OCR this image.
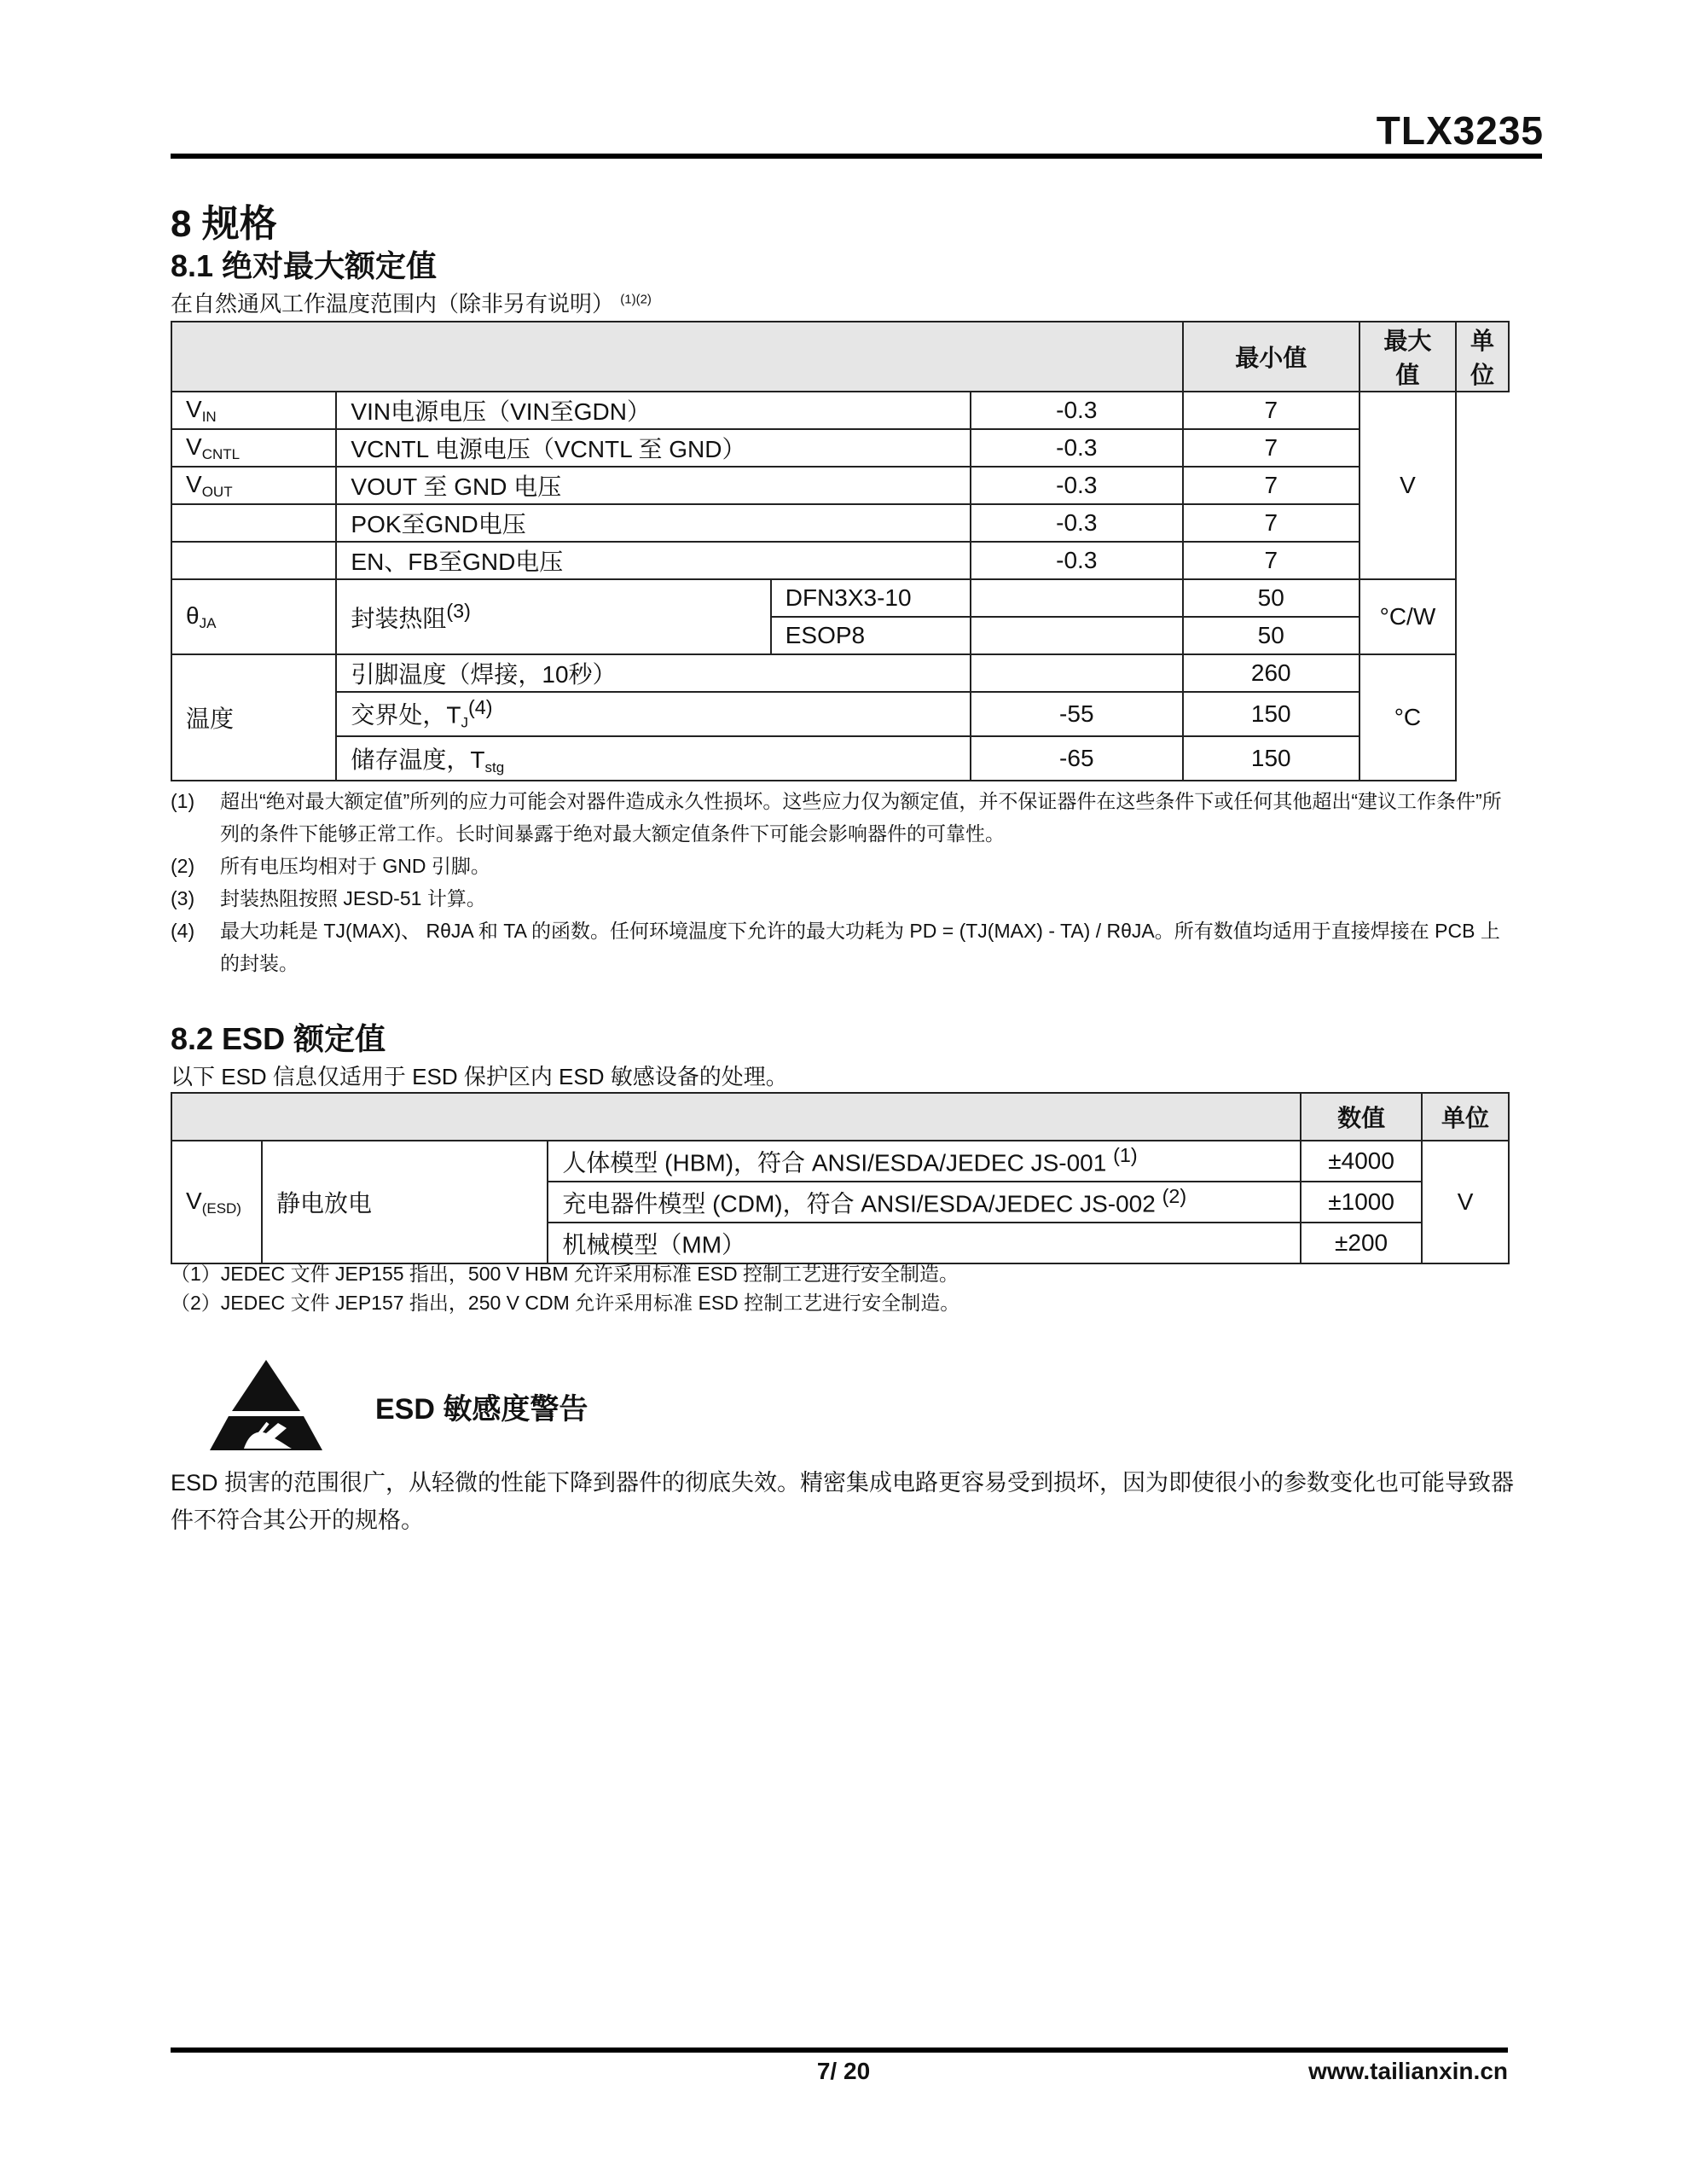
TLX3235
8 规格
8.1 绝对最大额定值
在自然通风工作温度范围内（除非另有说明） $^{(1)(2)}$
				最小值	最大值	单位
$V_{IN}$	VIN电源电压（VIN至GDN）		-0.3	7	V	
$V_{CNTL}$	VCNTL 电源电压（VCNTL 至 GND）		-0.3	7		
$V_{OUT}$	VOUT 至 GND 电压		-0.3	7		
	POK至GND电压		-0.3	7		
	EN、FB至GND电压		-0.3	7		
$\theta_{JA}$	封装热阻$^{(3)}$	DFN3X3-10		50	°C/W	
		ESOP8		50		
温度	引脚温度（焊接，10秒）			260	°C	
	交界处，$T_J^{(4)}$		-55	150		
	储存温度，$T_{stg}$		-65	150		
(1)	超出“绝对最大额定值”所列的应力可能会对器件造成永久性损坏。这些应力仅为额定值，并不保证器件在这些条件下或任何其他超出“建议工作条件”所列的条件下能够正常工作。长时间暴露于绝对最大额定值条件下可能会影响器件的可靠性。
(2)	所有电压均相对于 GND 引脚。
(3)	封装热阻按照 JESD-51 计算。
(4)	最大功耗是 TJ(MAX)、 RθJA 和 TA 的函数。任何环境温度下允许的最大功耗为 PD = (TJ(MAX) - TA) / RθJA。所有数值均适用于直接焊接在 PCB 上的封装。
8.2 ESD 额定值
以下 ESD 信息仅适用于 ESD 保护区内 ESD 敏感设备的处理。
			数值	单位
$V_{(ESD)}$	静电放电	人体模型 (HBM)，符合 ANSI/ESDA/JEDEC JS-001 $^{(1)}$	±4000	V
		充电器件模型 (CDM)，符合 ANSI/ESDA/JEDEC JS-002 $^{(2)}$	±1000	
		机械模型（MM）	±200	
（1）JEDEC 文件 JEP155 指出，500 V HBM 允许采用标准 ESD 控制工艺进行安全制造。
（2）JEDEC 文件 JEP157 指出，250 V CDM 允许采用标准 ESD 控制工艺进行安全制造。
ESD 敏感度警告
ESD 损害的范围很广，从轻微的性能下降到器件的彻底失效。精密集成电路更容易受到损坏，因为即使很小的参数变化也可能导致器件不符合其公开的规格。
7/ 20	www.tailianxin.cn
